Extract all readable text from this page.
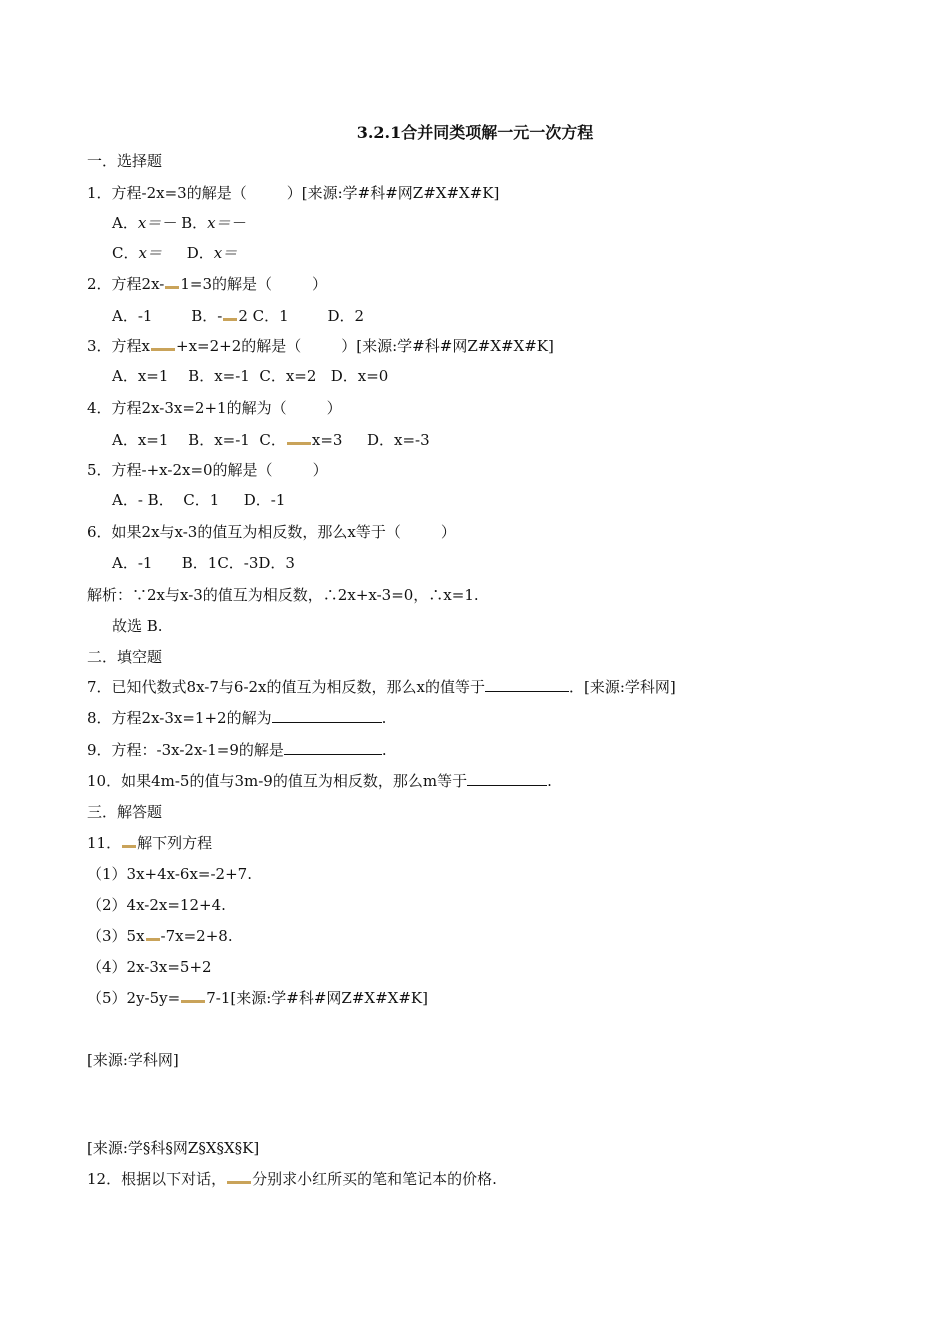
3.2.1合并同类项解一元一次方程
一．选择题
1．方程-2x=3的解是（	）[来源:学#科#网Z#X#X#K]
A．x＝－ B．x＝－
C．x＝ D．x＝
2．方程2x- 1=3的解是（	）
A．-1	B．- 2 C．1	D．2
3．方程x +x=2+2的解是（	）[来源:学#科#网Z#X#X#K]
A．x=1　 B．x=-1  C．x=2   D．x=0
4．方程2x-3x=2+1的解为（	）
A．x=1　 B．x=-1  C． x=3　  D．x=-3
5．方程-+x-2x=0的解是（	）
A．- B．  C．1　  D．-1
6．如果2x与x-3的值互为相反数，那么x等于（	）
A．-1　   B．1C．-3D．3
解析：∵2x与x-3的值互为相反数，∴2x+x-3=0，∴x=1.
故选 B.
二．填空题
7．已知代数式8x-7与6-2x的值互为相反数，那么x的值等于	．[来源:学科网]
8．方程2x-3x=1+2的解为	.
9．方程：-3x-2x-1=9的解是	.
10．如果4m-5的值与3m-9的值互为相反数，那么m等于	.
三．解答题
11． 解下列方程
（1）3x+4x-6x=-2+7.
（2）4x-2x=12+4.
（3）5x -7x=2+8.
（4）2x-3x=5+2
（5）2y-5y= 7-1[来源:学#科#网Z#X#X#K]
[来源:学科网]
[来源:学§科§网Z§X§X§K]
12．根据以下对话， 分别求小红所买的笔和笔记本的价格.
